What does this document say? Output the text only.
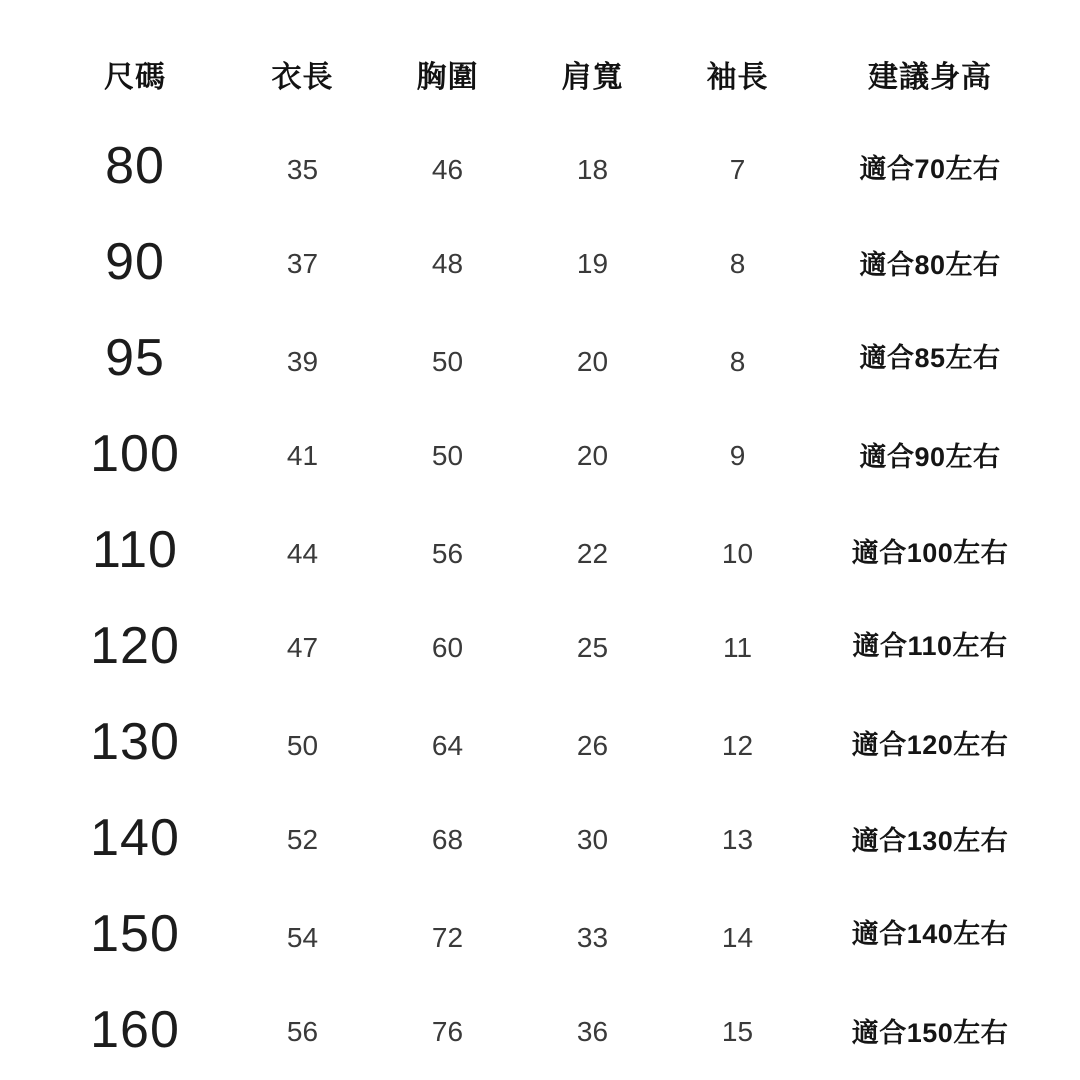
尺碼	衣長	胸圍	肩寬	袖長	建議身高
80	35	46	18	7	適合70左右
90	37	48	19	8	適合80左右
95	39	50	20	8	適合85左右
100	41	50	20	9	適合90左右
110	44	56	22	10	適合100左右
120	47	60	25	11	適合110左右
130	50	64	26	12	適合120左右
140	52	68	30	13	適合130左右
150	54	72	33	14	適合140左右
160	56	76	36	15	適合150左右
